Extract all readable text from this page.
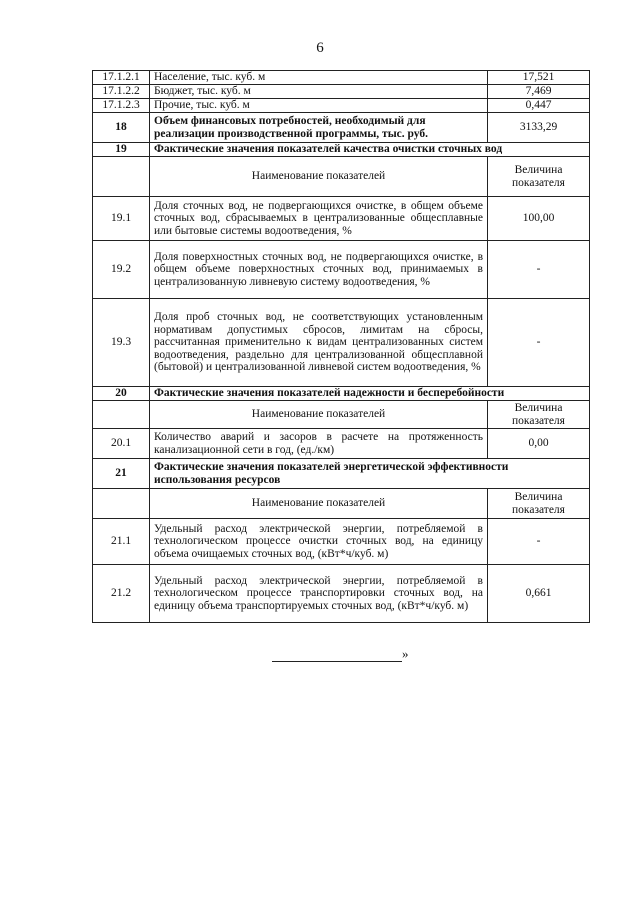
6
17.1.2.1	Население, тыс. куб. м	17,521
17.1.2.2	Бюджет, тыс. куб. м	7,469
17.1.2.3	Прочие, тыс. куб. м	0,447
18	Объем финансовых потребностей, необходимый для реализации производственной программы, тыс. руб.	3133,29
19	Фактические значения показателей качества очистки сточных вод	
	Наименование показателей	Величина показателя
19.1	Доля сточных вод, не подвергающихся очистке, в общем объеме сточных вод, сбрасываемых в централизованные общесплавные или бытовые системы водоотведения, %	100,00
19.2	Доля поверхностных сточных вод, не подвергающихся очистке, в общем объеме поверхностных сточных вод, принимаемых в централизованную ливневую систему водоотведения, %	-
19.3	Доля проб сточных вод, не соответствующих установленным нормативам допустимых сбросов, лимитам на сбросы, рассчитанная применительно к видам централизованных систем водоотведения, раздельно для централизованной общесплавной (бытовой) и централизованной ливневой систем водоотведения, %	-
20	Фактические значения показателей надежности и бесперебойности	
	Наименование показателей	Величина показателя
20.1	Количество аварий и засоров в расчете на протяженность канализационной сети в год, (ед./км)	0,00
21	Фактические значения показателей энергетической эффективности использования ресурсов	
	Наименование показателей	Величина показателя
21.1	Удельный расход электрической энергии, потребляемой в технологическом процессе очистки сточных вод, на единицу объема очищаемых сточных вод, (кВт*ч/куб. м)	-
21.2	Удельный расход электрической энергии, потребляемой в технологическом процессе транспортировки сточных вод, на единицу объема транспортируемых сточных вод, (кВт*ч/куб. м)	0,661
»
